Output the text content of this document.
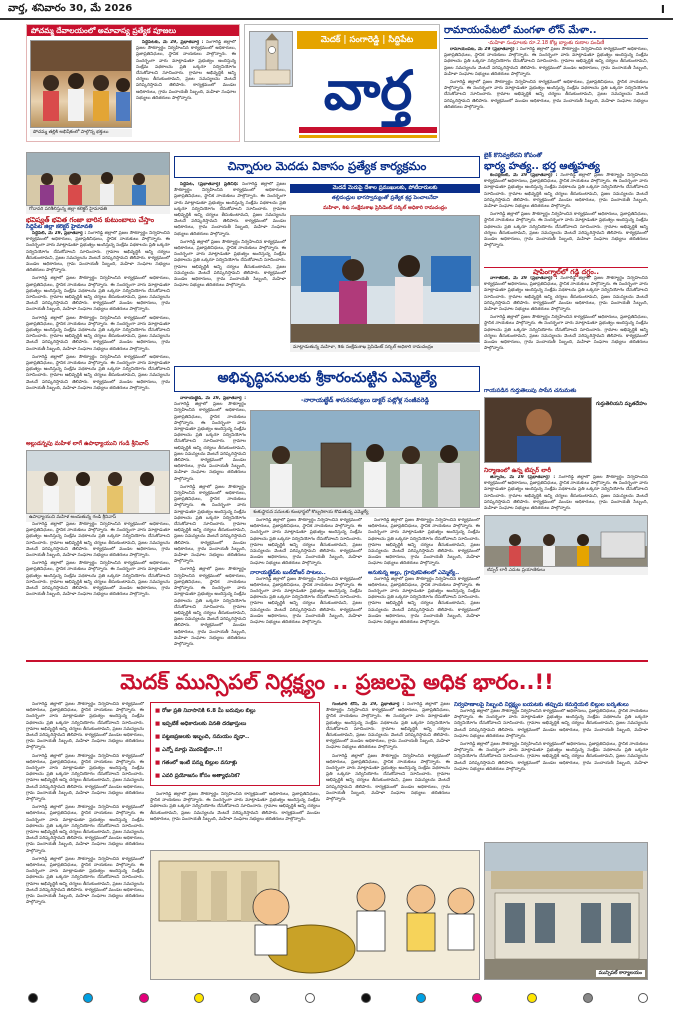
వార్త, శనివారం 30, మే 2026	I
పోచమ్మ దేవాలయంలో అమావాస్య ప్రత్యేక పూజలు
పోచమ్మ తల్లికి అభిషేకంలో పాల్గొన్న భక్తులు

సిద్దిపేటకు, మే 29, ప్రభాతవార్త : సంగారెడ్డి జిల్లాలో ప్రజల సౌకర్యార్థం నిర్వహించిన కార్యక్రమంలో అధికారులు, ప్రజాప్రతినిధులు, స్థానిక నాయకులు పాల్గొన్నారు. ఈ సందర్భంగా వారు మాట్లాడుతూ ప్రభుత్వం అందిస్తున్న సంక్షేమ పథకాలను ప్రతి ఒక్కరూ సద్వినియోగం చేసుకోవాలని సూచించారు. గ్రామాల అభివృద్ధికి అన్ని చర్యలు తీసుకుంటామని, ప్రజల సమస్యలను వెంటనే పరిష్కరిస్తామని తెలిపారు. కార్యక్రమంలో మండల అధికారులు, గ్రామ పంచాయతీ సిబ్బంది, మహిళా సంఘాల సభ్యులు తదితరులు పాల్గొన్నారు.

మెదక్ | సంగారెడ్డి | సిద్దిపేట
వార్త
రామాయంపేటలో మంగళా లోన్ మేళా..
-మహిళా సంఘాలకు రూ.2.18 కోట్ల బ్యాంకు రుణాల పంపిణీ

రామాయంపేట, మే 29 (ప్రభాతవార్త) : సంగారెడ్డి జిల్లాలో ప్రజల సౌకర్యార్థం నిర్వహించిన కార్యక్రమంలో అధికారులు, ప్రజాప్రతినిధులు, స్థానిక నాయకులు పాల్గొన్నారు. ఈ సందర్భంగా వారు మాట్లాడుతూ ప్రభుత్వం అందిస్తున్న సంక్షేమ పథకాలను ప్రతి ఒక్కరూ సద్వినియోగం చేసుకోవాలని సూచించారు. గ్రామాల అభివృద్ధికి అన్ని చర్యలు తీసుకుంటామని, ప్రజల సమస్యలను వెంటనే పరిష్కరిస్తామని తెలిపారు. కార్యక్రమంలో మండల అధికారులు, గ్రామ పంచాయతీ సిబ్బంది, మహిళా సంఘాల సభ్యులు తదితరులు పాల్గొన్నారు.

సంగారెడ్డి జిల్లాలో ప్రజల సౌకర్యార్థం నిర్వహించిన కార్యక్రమంలో అధికారులు, ప్రజాప్రతినిధులు, స్థానిక నాయకులు పాల్గొన్నారు. ఈ సందర్భంగా వారు మాట్లాడుతూ ప్రభుత్వం అందిస్తున్న సంక్షేమ పథకాలను ప్రతి ఒక్కరూ సద్వినియోగం చేసుకోవాలని సూచించారు. గ్రామాల అభివృద్ధికి అన్ని చర్యలు తీసుకుంటామని, ప్రజల సమస్యలను వెంటనే పరిష్కరిస్తామని తెలిపారు. కార్యక్రమంలో మండల అధికారులు, గ్రామ పంచాయతీ సిబ్బంది, మహిళా సంఘాల సభ్యులు తదితరులు పాల్గొన్నారు.

చిన్నారుల మెదడు వికాసం ప్రత్యేక కార్యక్రమం
గోదావరి పరిశీలిస్తున్న జిల్లా కలెక్టర్ హైమావతి
భవిష్యత్ భవిత గంజా బారిన కుటుంబాలు చేస్తాం
సిద్దిపేట జిల్లా కలెక్టర్ హైమావతి

సిద్దిపేట్, మే 29, ప్రభాతవార్త : సంగారెడ్డి జిల్లాలో ప్రజల సౌకర్యార్థం నిర్వహించిన కార్యక్రమంలో అధికారులు, ప్రజాప్రతినిధులు, స్థానిక నాయకులు పాల్గొన్నారు. ఈ సందర్భంగా వారు మాట్లాడుతూ ప్రభుత్వం అందిస్తున్న సంక్షేమ పథకాలను ప్రతి ఒక్కరూ సద్వినియోగం చేసుకోవాలని సూచించారు. గ్రామాల అభివృద్ధికి అన్ని చర్యలు తీసుకుంటామని, ప్రజల సమస్యలను వెంటనే పరిష్కరిస్తామని తెలిపారు. కార్యక్రమంలో మండల అధికారులు, గ్రామ పంచాయతీ సిబ్బంది, మహిళా సంఘాల సభ్యులు తదితరులు పాల్గొన్నారు.

సంగారెడ్డి జిల్లాలో ప్రజల సౌకర్యార్థం నిర్వహించిన కార్యక్రమంలో అధికారులు, ప్రజాప్రతినిధులు, స్థానిక నాయకులు పాల్గొన్నారు. ఈ సందర్భంగా వారు మాట్లాడుతూ ప్రభుత్వం అందిస్తున్న సంక్షేమ పథకాలను ప్రతి ఒక్కరూ సద్వినియోగం చేసుకోవాలని సూచించారు. గ్రామాల అభివృద్ధికి అన్ని చర్యలు తీసుకుంటామని, ప్రజల సమస్యలను వెంటనే పరిష్కరిస్తామని తెలిపారు. కార్యక్రమంలో మండల అధికారులు, గ్రామ పంచాయతీ సిబ్బంది, మహిళా సంఘాల సభ్యులు తదితరులు పాల్గొన్నారు.

సంగారెడ్డి జిల్లాలో ప్రజల సౌకర్యార్థం నిర్వహించిన కార్యక్రమంలో అధికారులు, ప్రజాప్రతినిధులు, స్థానిక నాయకులు పాల్గొన్నారు. ఈ సందర్భంగా వారు మాట్లాడుతూ ప్రభుత్వం అందిస్తున్న సంక్షేమ పథకాలను ప్రతి ఒక్కరూ సద్వినియోగం చేసుకోవాలని సూచించారు. గ్రామాల అభివృద్ధికి అన్ని చర్యలు తీసుకుంటామని, ప్రజల సమస్యలను వెంటనే పరిష్కరిస్తామని తెలిపారు. కార్యక్రమంలో మండల అధికారులు, గ్రామ పంచాయతీ సిబ్బంది, మహిళా సంఘాల సభ్యులు తదితరులు పాల్గొన్నారు.

సంగారెడ్డి జిల్లాలో ప్రజల సౌకర్యార్థం నిర్వహించిన కార్యక్రమంలో అధికారులు, ప్రజాప్రతినిధులు, స్థానిక నాయకులు పాల్గొన్నారు. ఈ సందర్భంగా వారు మాట్లాడుతూ ప్రభుత్వం అందిస్తున్న సంక్షేమ పథకాలను ప్రతి ఒక్కరూ సద్వినియోగం చేసుకోవాలని సూచించారు. గ్రామాల అభివృద్ధికి అన్ని చర్యలు తీసుకుంటామని, ప్రజల సమస్యలను వెంటనే పరిష్కరిస్తామని తెలిపారు. కార్యక్రమంలో మండల అధికారులు, గ్రామ పంచాయతీ సిబ్బంది, మహిళా సంఘాల సభ్యులు తదితరులు పాల్గొన్నారు.

అల్లుడన్నపు మహిళ లాగే ఉపాధ్యాయుని గండి శ్రీనివాస్
ఉపాధ్యాయుని మహిళ అందుతున్న గండి శ్రీనివాస్

సంగారెడ్డి జిల్లాలో ప్రజల సౌకర్యార్థం నిర్వహించిన కార్యక్రమంలో అధికారులు, ప్రజాప్రతినిధులు, స్థానిక నాయకులు పాల్గొన్నారు. ఈ సందర్భంగా వారు మాట్లాడుతూ ప్రభుత్వం అందిస్తున్న సంక్షేమ పథకాలను ప్రతి ఒక్కరూ సద్వినియోగం చేసుకోవాలని సూచించారు. గ్రామాల అభివృద్ధికి అన్ని చర్యలు తీసుకుంటామని, ప్రజల సమస్యలను వెంటనే పరిష్కరిస్తామని తెలిపారు. కార్యక్రమంలో మండల అధికారులు, గ్రామ పంచాయతీ సిబ్బంది, మహిళా సంఘాల సభ్యులు తదితరులు పాల్గొన్నారు.

సంగారెడ్డి జిల్లాలో ప్రజల సౌకర్యార్థం నిర్వహించిన కార్యక్రమంలో అధికారులు, ప్రజాప్రతినిధులు, స్థానిక నాయకులు పాల్గొన్నారు. ఈ సందర్భంగా వారు మాట్లాడుతూ ప్రభుత్వం అందిస్తున్న సంక్షేమ పథకాలను ప్రతి ఒక్కరూ సద్వినియోగం చేసుకోవాలని సూచించారు. గ్రామాల అభివృద్ధికి అన్ని చర్యలు తీసుకుంటామని, ప్రజల సమస్యలను వెంటనే పరిష్కరిస్తామని తెలిపారు. కార్యక్రమంలో మండల అధికారులు, గ్రామ పంచాయతీ సిబ్బంది, మహిళా సంఘాల సభ్యులు తదితరులు పాల్గొన్నారు.

సిద్దిపేట, (ప్రభాతవార్త) ప్రతినిధి: సంగారెడ్డి జిల్లాలో ప్రజల సౌకర్యార్థం నిర్వహించిన కార్యక్రమంలో అధికారులు, ప్రజాప్రతినిధులు, స్థానిక నాయకులు పాల్గొన్నారు. ఈ సందర్భంగా వారు మాట్లాడుతూ ప్రభుత్వం అందిస్తున్న సంక్షేమ పథకాలను ప్రతి ఒక్కరూ సద్వినియోగం చేసుకోవాలని సూచించారు. గ్రామాల అభివృద్ధికి అన్ని చర్యలు తీసుకుంటామని, ప్రజల సమస్యలను వెంటనే పరిష్కరిస్తామని తెలిపారు. కార్యక్రమంలో మండల అధికారులు, గ్రామ పంచాయతీ సిబ్బంది, మహిళా సంఘాల సభ్యులు తదితరులు పాల్గొన్నారు.

సంగారెడ్డి జిల్లాలో ప్రజల సౌకర్యార్థం నిర్వహించిన కార్యక్రమంలో అధికారులు, ప్రజాప్రతినిధులు, స్థానిక నాయకులు పాల్గొన్నారు. ఈ సందర్భంగా వారు మాట్లాడుతూ ప్రభుత్వం అందిస్తున్న సంక్షేమ పథకాలను ప్రతి ఒక్కరూ సద్వినియోగం చేసుకోవాలని సూచించారు. గ్రామాల అభివృద్ధికి అన్ని చర్యలు తీసుకుంటామని, ప్రజల సమస్యలను వెంటనే పరిష్కరిస్తామని తెలిపారు. కార్యక్రమంలో మండల అధికారులు, గ్రామ పంచాయతీ సిబ్బంది, మహిళా సంఘాల సభ్యులు తదితరులు పాల్గొన్నారు.

మెదడే మెరుపై దేశాల ప్రముఖులకు, పోటీదారులకు
తల్లిదండ్రుల భాగస్వామ్యంతో ప్రత్యేక శ్రద్ధ పెంచాలనేదా
మహిళా, శిశు సంక్షేమశాఖ ప్రెసిడెంట్ సర్కిల్ అధికారి రామచంద్రం
మాట్లాడుతున్న మహిళా, శిశు సంక్షేమశాఖ ప్రెసిడెంట్ సర్కిల్ అధికారి రామచంద్రం
బైక్ కొనివ్వలేదని కోపంతో
భార్య హత్య.. భర్త ఆత్మహత్య

కంచర్లకంట్, మే 29 (ప్రభాతవార్త) : సంగారెడ్డి జిల్లాలో ప్రజల సౌకర్యార్థం నిర్వహించిన కార్యక్రమంలో అధికారులు, ప్రజాప్రతినిధులు, స్థానిక నాయకులు పాల్గొన్నారు. ఈ సందర్భంగా వారు మాట్లాడుతూ ప్రభుత్వం అందిస్తున్న సంక్షేమ పథకాలను ప్రతి ఒక్కరూ సద్వినియోగం చేసుకోవాలని సూచించారు. గ్రామాల అభివృద్ధికి అన్ని చర్యలు తీసుకుంటామని, ప్రజల సమస్యలను వెంటనే పరిష్కరిస్తామని తెలిపారు. కార్యక్రమంలో మండల అధికారులు, గ్రామ పంచాయతీ సిబ్బంది, మహిళా సంఘాల సభ్యులు తదితరులు పాల్గొన్నారు.

సంగారెడ్డి జిల్లాలో ప్రజల సౌకర్యార్థం నిర్వహించిన కార్యక్రమంలో అధికారులు, ప్రజాప్రతినిధులు, స్థానిక నాయకులు పాల్గొన్నారు. ఈ సందర్భంగా వారు మాట్లాడుతూ ప్రభుత్వం అందిస్తున్న సంక్షేమ పథకాలను ప్రతి ఒక్కరూ సద్వినియోగం చేసుకోవాలని సూచించారు. గ్రామాల అభివృద్ధికి అన్ని చర్యలు తీసుకుంటామని, ప్రజల సమస్యలను వెంటనే పరిష్కరిస్తామని తెలిపారు. కార్యక్రమంలో మండల అధికారులు, గ్రామ పంచాయతీ సిబ్బంది, మహిళా సంఘాల సభ్యులు తదితరులు పాల్గొన్నారు.

షాపింగ్మాల్‌లో గడ్డి దగ్ధం..

నాగాజీపేట్, మే 29 (ప్రభాతవార్త) : సంగారెడ్డి జిల్లాలో ప్రజల సౌకర్యార్థం నిర్వహించిన కార్యక్రమంలో అధికారులు, ప్రజాప్రతినిధులు, స్థానిక నాయకులు పాల్గొన్నారు. ఈ సందర్భంగా వారు మాట్లాడుతూ ప్రభుత్వం అందిస్తున్న సంక్షేమ పథకాలను ప్రతి ఒక్కరూ సద్వినియోగం చేసుకోవాలని సూచించారు. గ్రామాల అభివృద్ధికి అన్ని చర్యలు తీసుకుంటామని, ప్రజల సమస్యలను వెంటనే పరిష్కరిస్తామని తెలిపారు. కార్యక్రమంలో మండల అధికారులు, గ్రామ పంచాయతీ సిబ్బంది, మహిళా సంఘాల సభ్యులు తదితరులు పాల్గొన్నారు.

సంగారెడ్డి జిల్లాలో ప్రజల సౌకర్యార్థం నిర్వహించిన కార్యక్రమంలో అధికారులు, ప్రజాప్రతినిధులు, స్థానిక నాయకులు పాల్గొన్నారు. ఈ సందర్భంగా వారు మాట్లాడుతూ ప్రభుత్వం అందిస్తున్న సంక్షేమ పథకాలను ప్రతి ఒక్కరూ సద్వినియోగం చేసుకోవాలని సూచించారు. గ్రామాల అభివృద్ధికి అన్ని చర్యలు తీసుకుంటామని, ప్రజల సమస్యలను వెంటనే పరిష్కరిస్తామని తెలిపారు. కార్యక్రమంలో మండల అధికారులు, గ్రామ పంచాయతీ సిబ్బంది, మహిళా సంఘాల సభ్యులు తదితరులు పాల్గొన్నారు.

గాయపడిన గుర్తుతెలుపు సాపేన చనుమతు
గుర్తుతెలియని మృతదేహం
నిర్మాణంలో ఉన్న టిప్పర్ లారీ

జిన్నారం, మే 29 (ప్రభాతవార్త) : సంగారెడ్డి జిల్లాలో ప్రజల సౌకర్యార్థం నిర్వహించిన కార్యక్రమంలో అధికారులు, ప్రజాప్రతినిధులు, స్థానిక నాయకులు పాల్గొన్నారు. ఈ సందర్భంగా వారు మాట్లాడుతూ ప్రభుత్వం అందిస్తున్న సంక్షేమ పథకాలను ప్రతి ఒక్కరూ సద్వినియోగం చేసుకోవాలని సూచించారు. గ్రామాల అభివృద్ధికి అన్ని చర్యలు తీసుకుంటామని, ప్రజల సమస్యలను వెంటనే పరిష్కరిస్తామని తెలిపారు. కార్యక్రమంలో మండల అధికారులు, గ్రామ పంచాయతీ సిబ్బంది, మహిళా సంఘాల సభ్యులు తదితరులు పాల్గొన్నారు.

టిప్పర్ లారీ ఎదుట ప్రయాణికులు
అభివృద్ధిపనులకు శ్రీకారంచుట్టిన ఎమ్మెల్యే
-నారాయణ్ఖేడ్ శాసనసభ్యులు డాక్టర్ పట్లోళ్ల సంజీవరెడ్డి

నారాయణ్ఖేడ్, మే 29, ప్రభాతవార్త : సంగారెడ్డి జిల్లాలో ప్రజల సౌకర్యార్థం నిర్వహించిన కార్యక్రమంలో అధికారులు, ప్రజాప్రతినిధులు, స్థానిక నాయకులు పాల్గొన్నారు. ఈ సందర్భంగా వారు మాట్లాడుతూ ప్రభుత్వం అందిస్తున్న సంక్షేమ పథకాలను ప్రతి ఒక్కరూ సద్వినియోగం చేసుకోవాలని సూచించారు. గ్రామాల అభివృద్ధికి అన్ని చర్యలు తీసుకుంటామని, ప్రజల సమస్యలను వెంటనే పరిష్కరిస్తామని తెలిపారు. కార్యక్రమంలో మండల అధికారులు, గ్రామ పంచాయతీ సిబ్బంది, మహిళా సంఘాల సభ్యులు తదితరులు పాల్గొన్నారు.

సంగారెడ్డి జిల్లాలో ప్రజల సౌకర్యార్థం నిర్వహించిన కార్యక్రమంలో అధికారులు, ప్రజాప్రతినిధులు, స్థానిక నాయకులు పాల్గొన్నారు. ఈ సందర్భంగా వారు మాట్లాడుతూ ప్రభుత్వం అందిస్తున్న సంక్షేమ పథకాలను ప్రతి ఒక్కరూ సద్వినియోగం చేసుకోవాలని సూచించారు. గ్రామాల అభివృద్ధికి అన్ని చర్యలు తీసుకుంటామని, ప్రజల సమస్యలను వెంటనే పరిష్కరిస్తామని తెలిపారు. కార్యక్రమంలో మండల అధికారులు, గ్రామ పంచాయతీ సిబ్బంది, మహిళా సంఘాల సభ్యులు తదితరులు పాల్గొన్నారు.

సంగారెడ్డి జిల్లాలో ప్రజల సౌకర్యార్థం నిర్వహించిన కార్యక్రమంలో అధికారులు, ప్రజాప్రతినిధులు, స్థానిక నాయకులు పాల్గొన్నారు. ఈ సందర్భంగా వారు మాట్లాడుతూ ప్రభుత్వం అందిస్తున్న సంక్షేమ పథకాలను ప్రతి ఒక్కరూ సద్వినియోగం చేసుకోవాలని సూచించారు. గ్రామాల అభివృద్ధికి అన్ని చర్యలు తీసుకుంటామని, ప్రజల సమస్యలను వెంటనే పరిష్కరిస్తామని తెలిపారు. కార్యక్రమంలో మండల అధికారులు, గ్రామ పంచాయతీ సిబ్బంది, మహిళా సంఘాల సభ్యులు తదితరులు పాల్గొన్నారు.

శంకుస్థాపన పనులకు కుంభాస్థలో కొబ్బరికాయ కొడుతున్న ఎమ్మెల్యే

సంగారెడ్డి జిల్లాలో ప్రజల సౌకర్యార్థం నిర్వహించిన కార్యక్రమంలో అధికారులు, ప్రజాప్రతినిధులు, స్థానిక నాయకులు పాల్గొన్నారు. ఈ సందర్భంగా వారు మాట్లాడుతూ ప్రభుత్వం అందిస్తున్న సంక్షేమ పథకాలను ప్రతి ఒక్కరూ సద్వినియోగం చేసుకోవాలని సూచించారు. గ్రామాల అభివృద్ధికి అన్ని చర్యలు తీసుకుంటామని, ప్రజల సమస్యలను వెంటనే పరిష్కరిస్తామని తెలిపారు. కార్యక్రమంలో మండల అధికారులు, గ్రామ పంచాయతీ సిబ్బంది, మహిళా సంఘాల సభ్యులు తదితరులు పాల్గొన్నారు.

నారాయణ్ఖేడ్‌కు బుల్‌డోజర్ పాటలు..

సంగారెడ్డి జిల్లాలో ప్రజల సౌకర్యార్థం నిర్వహించిన కార్యక్రమంలో అధికారులు, ప్రజాప్రతినిధులు, స్థానిక నాయకులు పాల్గొన్నారు. ఈ సందర్భంగా వారు మాట్లాడుతూ ప్రభుత్వం అందిస్తున్న సంక్షేమ పథకాలను ప్రతి ఒక్కరూ సద్వినియోగం చేసుకోవాలని సూచించారు. గ్రామాల అభివృద్ధికి అన్ని చర్యలు తీసుకుంటామని, ప్రజల సమస్యలను వెంటనే పరిష్కరిస్తామని తెలిపారు. కార్యక్రమంలో మండల అధికారులు, గ్రామ పంచాయతీ సిబ్బంది, మహిళా సంఘాల సభ్యులు తదితరులు పాల్గొన్నారు.

సంగారెడ్డి జిల్లాలో ప్రజల సౌకర్యార్థం నిర్వహించిన కార్యక్రమంలో అధికారులు, ప్రజాప్రతినిధులు, స్థానిక నాయకులు పాల్గొన్నారు. ఈ సందర్భంగా వారు మాట్లాడుతూ ప్రభుత్వం అందిస్తున్న సంక్షేమ పథకాలను ప్రతి ఒక్కరూ సద్వినియోగం చేసుకోవాలని సూచించారు. గ్రామాల అభివృద్ధికి అన్ని చర్యలు తీసుకుంటామని, ప్రజల సమస్యలను వెంటనే పరిష్కరిస్తామని తెలిపారు. కార్యక్రమంలో మండల అధికారులు, గ్రామ పంచాయతీ సిబ్బంది, మహిళా సంఘాల సభ్యులు తదితరులు పాల్గొన్నారు.

అనుకున్న అల్లు, గ్రూపుకవితలలో ఎమ్మెల్యే..

సంగారెడ్డి జిల్లాలో ప్రజల సౌకర్యార్థం నిర్వహించిన కార్యక్రమంలో అధికారులు, ప్రజాప్రతినిధులు, స్థానిక నాయకులు పాల్గొన్నారు. ఈ సందర్భంగా వారు మాట్లాడుతూ ప్రభుత్వం అందిస్తున్న సంక్షేమ పథకాలను ప్రతి ఒక్కరూ సద్వినియోగం చేసుకోవాలని సూచించారు. గ్రామాల అభివృద్ధికి అన్ని చర్యలు తీసుకుంటామని, ప్రజల సమస్యలను వెంటనే పరిష్కరిస్తామని తెలిపారు. కార్యక్రమంలో మండల అధికారులు, గ్రామ పంచాయతీ సిబ్బంది, మహిళా సంఘాల సభ్యులు తదితరులు పాల్గొన్నారు.

మెదక్ మున్సిపల్ నిర్లక్ష్యం .. ప్రజలపై అధిక భారం..!!

సంగారెడ్డి జిల్లాలో ప్రజల సౌకర్యార్థం నిర్వహించిన కార్యక్రమంలో అధికారులు, ప్రజాప్రతినిధులు, స్థానిక నాయకులు పాల్గొన్నారు. ఈ సందర్భంగా వారు మాట్లాడుతూ ప్రభుత్వం అందిస్తున్న సంక్షేమ పథకాలను ప్రతి ఒక్కరూ సద్వినియోగం చేసుకోవాలని సూచించారు. గ్రామాల అభివృద్ధికి అన్ని చర్యలు తీసుకుంటామని, ప్రజల సమస్యలను వెంటనే పరిష్కరిస్తామని తెలిపారు. కార్యక్రమంలో మండల అధికారులు, గ్రామ పంచాయతీ సిబ్బంది, మహిళా సంఘాల సభ్యులు తదితరులు పాల్గొన్నారు.

సంగారెడ్డి జిల్లాలో ప్రజల సౌకర్యార్థం నిర్వహించిన కార్యక్రమంలో అధికారులు, ప్రజాప్రతినిధులు, స్థానిక నాయకులు పాల్గొన్నారు. ఈ సందర్భంగా వారు మాట్లాడుతూ ప్రభుత్వం అందిస్తున్న సంక్షేమ పథకాలను ప్రతి ఒక్కరూ సద్వినియోగం చేసుకోవాలని సూచించారు. గ్రామాల అభివృద్ధికి అన్ని చర్యలు తీసుకుంటామని, ప్రజల సమస్యలను వెంటనే పరిష్కరిస్తామని తెలిపారు. కార్యక్రమంలో మండల అధికారులు, గ్రామ పంచాయతీ సిబ్బంది, మహిళా సంఘాల సభ్యులు తదితరులు పాల్గొన్నారు.

సంగారెడ్డి జిల్లాలో ప్రజల సౌకర్యార్థం నిర్వహించిన కార్యక్రమంలో అధికారులు, ప్రజాప్రతినిధులు, స్థానిక నాయకులు పాల్గొన్నారు. ఈ సందర్భంగా వారు మాట్లాడుతూ ప్రభుత్వం అందిస్తున్న సంక్షేమ పథకాలను ప్రతి ఒక్కరూ సద్వినియోగం చేసుకోవాలని సూచించారు. గ్రామాల అభివృద్ధికి అన్ని చర్యలు తీసుకుంటామని, ప్రజల సమస్యలను వెంటనే పరిష్కరిస్తామని తెలిపారు. కార్యక్రమంలో మండల అధికారులు, గ్రామ పంచాయతీ సిబ్బంది, మహిళా సంఘాల సభ్యులు తదితరులు పాల్గొన్నారు.

సంగారెడ్డి జిల్లాలో ప్రజల సౌకర్యార్థం నిర్వహించిన కార్యక్రమంలో అధికారులు, ప్రజాప్రతినిధులు, స్థానిక నాయకులు పాల్గొన్నారు. ఈ సందర్భంగా వారు మాట్లాడుతూ ప్రభుత్వం అందిస్తున్న సంక్షేమ పథకాలను ప్రతి ఒక్కరూ సద్వినియోగం చేసుకోవాలని సూచించారు. గ్రామాల అభివృద్ధికి అన్ని చర్యలు తీసుకుంటామని, ప్రజల సమస్యలను వెంటనే పరిష్కరిస్తామని తెలిపారు. కార్యక్రమంలో మండల అధికారులు, గ్రామ పంచాయతీ సిబ్బంది, మహిళా సంఘాల సభ్యులు తదితరులు పాల్గొన్నారు.

■ రోజు ప్రతి నివాసానికి 6.8 మీ బరువుల బిల్లు
■ ఇప్పటికే అధికారులకు వినతి దరఖాస్తులు
■ పట్టణప్రజలకు ఇబ్బంది, సమయం వృధా..
■ ఎన్నో మార్లు మొరపెట్టినా..!!
■ గతంలో ఇంటి పన్ను బిల్లుల వసూళ్లు
■ ఎవరి ప్రయోజనం కోసం అత్యాధునిక?

గుంటూర్ టౌన్, మే 29, ప్రభాతవార్త : సంగారెడ్డి జిల్లాలో ప్రజల సౌకర్యార్థం నిర్వహించిన కార్యక్రమంలో అధికారులు, ప్రజాప్రతినిధులు, స్థానిక నాయకులు పాల్గొన్నారు. ఈ సందర్భంగా వారు మాట్లాడుతూ ప్రభుత్వం అందిస్తున్న సంక్షేమ పథకాలను ప్రతి ఒక్కరూ సద్వినియోగం చేసుకోవాలని సూచించారు. గ్రామాల అభివృద్ధికి అన్ని చర్యలు తీసుకుంటామని, ప్రజల సమస్యలను వెంటనే పరిష్కరిస్తామని తెలిపారు. కార్యక్రమంలో మండల అధికారులు, గ్రామ పంచాయతీ సిబ్బంది, మహిళా సంఘాల సభ్యులు తదితరులు పాల్గొన్నారు.

సంగారెడ్డి జిల్లాలో ప్రజల సౌకర్యార్థం నిర్వహించిన కార్యక్రమంలో అధికారులు, ప్రజాప్రతినిధులు, స్థానిక నాయకులు పాల్గొన్నారు. ఈ సందర్భంగా వారు మాట్లాడుతూ ప్రభుత్వం అందిస్తున్న సంక్షేమ పథకాలను ప్రతి ఒక్కరూ సద్వినియోగం చేసుకోవాలని సూచించారు. గ్రామాల అభివృద్ధికి అన్ని చర్యలు తీసుకుంటామని, ప్రజల సమస్యలను వెంటనే పరిష్కరిస్తామని తెలిపారు. కార్యక్రమంలో మండల అధికారులు, గ్రామ పంచాయతీ సిబ్బంది, మహిళా సంఘాల సభ్యులు తదితరులు పాల్గొన్నారు.

నిర్వహణాలపై సిబ్బంది నిర్లక్ష్యం బయటకు తప్పుడు కమర్షియల్ బిల్లుల బర్కతులు

సంగారెడ్డి జిల్లాలో ప్రజల సౌకర్యార్థం నిర్వహించిన కార్యక్రమంలో అధికారులు, ప్రజాప్రతినిధులు, స్థానిక నాయకులు పాల్గొన్నారు. ఈ సందర్భంగా వారు మాట్లాడుతూ ప్రభుత్వం అందిస్తున్న సంక్షేమ పథకాలను ప్రతి ఒక్కరూ సద్వినియోగం చేసుకోవాలని సూచించారు. గ్రామాల అభివృద్ధికి అన్ని చర్యలు తీసుకుంటామని, ప్రజల సమస్యలను వెంటనే పరిష్కరిస్తామని తెలిపారు. కార్యక్రమంలో మండల అధికారులు, గ్రామ పంచాయతీ సిబ్బంది, మహిళా సంఘాల సభ్యులు తదితరులు పాల్గొన్నారు.

సంగారెడ్డి జిల్లాలో ప్రజల సౌకర్యార్థం నిర్వహించిన కార్యక్రమంలో అధికారులు, ప్రజాప్రతినిధులు, స్థానిక నాయకులు పాల్గొన్నారు. ఈ సందర్భంగా వారు మాట్లాడుతూ ప్రభుత్వం అందిస్తున్న సంక్షేమ పథకాలను ప్రతి ఒక్కరూ సద్వినియోగం చేసుకోవాలని సూచించారు. గ్రామాల అభివృద్ధికి అన్ని చర్యలు తీసుకుంటామని, ప్రజల సమస్యలను వెంటనే పరిష్కరిస్తామని తెలిపారు. కార్యక్రమంలో మండల అధికారులు, గ్రామ పంచాయతీ సిబ్బంది, మహిళా సంఘాల సభ్యులు తదితరులు పాల్గొన్నారు.

సంగారెడ్డి జిల్లాలో ప్రజల సౌకర్యార్థం నిర్వహించిన కార్యక్రమంలో అధికారులు, ప్రజాప్రతినిధులు, స్థానిక నాయకులు పాల్గొన్నారు. ఈ సందర్భంగా వారు మాట్లాడుతూ ప్రభుత్వం అందిస్తున్న సంక్షేమ పథకాలను ప్రతి ఒక్కరూ సద్వినియోగం చేసుకోవాలని సూచించారు. గ్రామాల అభివృద్ధికి అన్ని చర్యలు తీసుకుంటామని, ప్రజల సమస్యలను వెంటనే పరిష్కరిస్తామని తెలిపారు. కార్యక్రమంలో మండల అధికారులు, గ్రామ పంచాయతీ సిబ్బంది, మహిళా సంఘాల సభ్యులు తదితరులు పాల్గొన్నారు.

మున్సిపల్ కార్యాలయం
